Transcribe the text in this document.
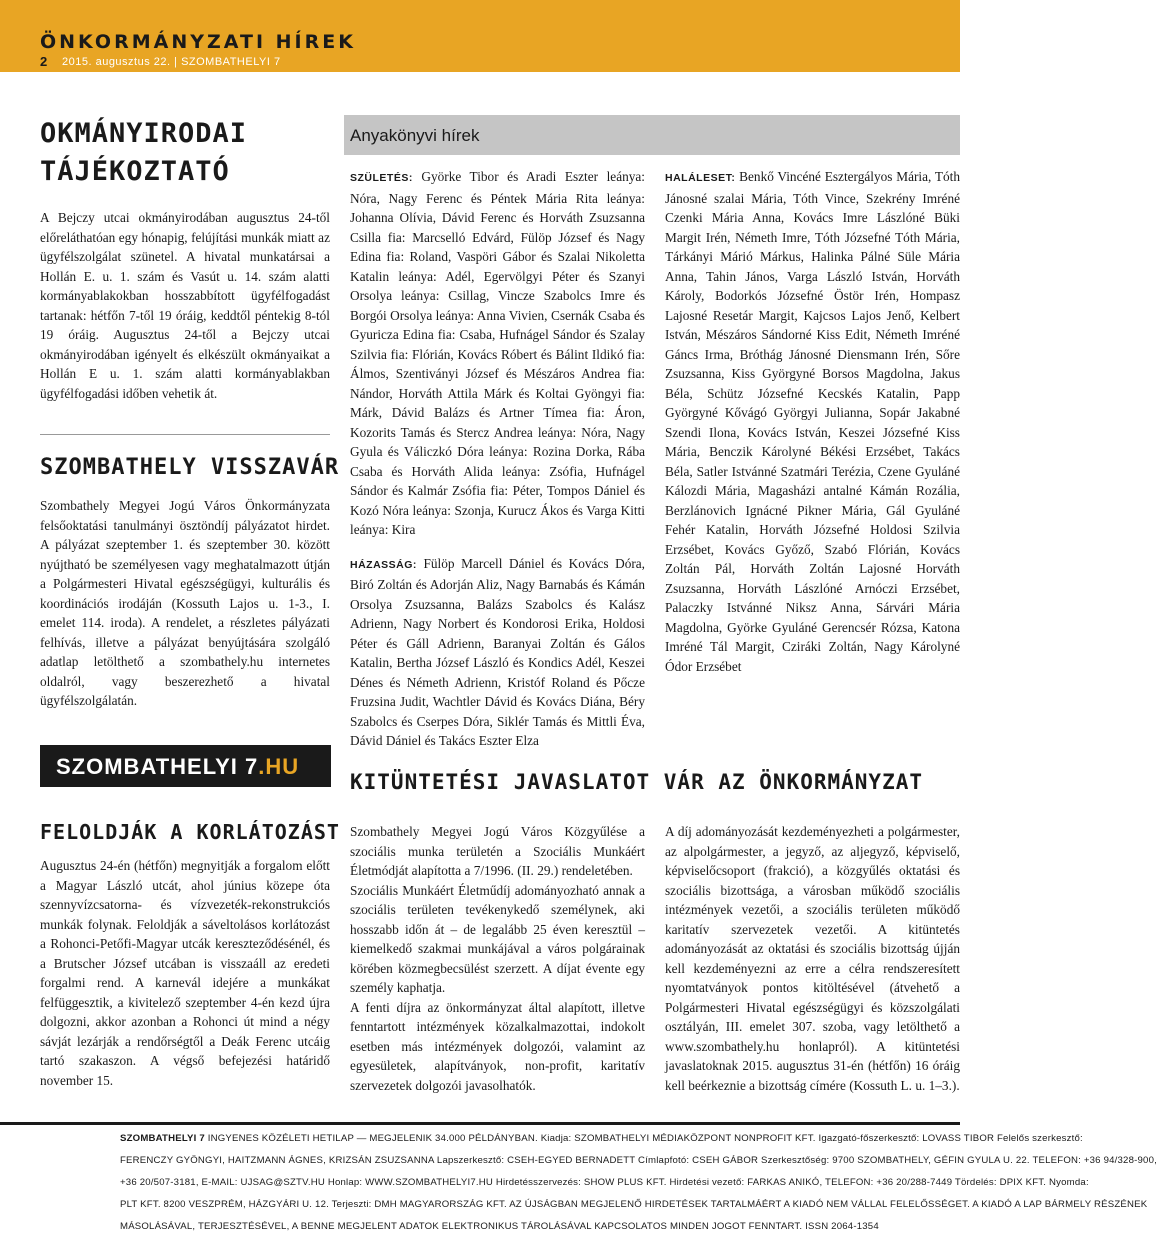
ÖNKORMÁNYZATI HÍREK
2 2015. augusztus 22. | SZOMBATHELYI 7
OKMÁNYIRODAI
TÁJÉKOZTATÓ
A Bejczy utcai okmányirodában augusztus 24-től előreláthatóan egy hónapig, felújítási munkák miatt az ügyfélszolgálat szünetel. A hivatal munkatársai a Hollán E. u. 1. szám és Vasút u. 14. szám alatti kormányablakokban hosszabbított ügyfélfogadást tartanak: hétfőn 7-től 19 óráig, keddtől péntekig 8-tól 19 óráig. Augusztus 24-től a Bejczy utcai okmányirodában igényelt és elkészült okmányaikat a Hollán E u. 1. szám alatti kormányablakban ügyfélfogadási időben vehetik át.
SZOMBATHELY VISSZAVÁR
Szombathely Megyei Jogú Város Önkormányzata felsőoktatási tanulmányi ösztöndíj pályázatot hirdet. A pályázat szeptember 1. és szeptember 30. között nyújtható be személyesen vagy meghatalmazott útján a Polgármesteri Hivatal egészségügyi, kulturális és koordinációs irodáján (Kossuth Lajos u. 1-3., I. emelet 114. iroda). A rendelet, a részletes pályázati felhívás, illetve a pályázat benyújtására szolgáló adatlap letölthető a szombathely.hu internetes oldalról, vagy beszerezhető a hivatal ügyfélszolgálatán.
Anyakönyvi hírek

SZÜLETÉS: Györke Tibor és Aradi Eszter leánya: Nóra, Nagy Ferenc és Péntek Mária Rita leánya: Johanna Olívia, Dávid Ferenc és Horváth Zsuzsanna Csilla fia: Marcselló Edvárd, Fülöp József és Nagy Edina fia: Roland, Vaspöri Gábor és Szalai Nikoletta Katalin leánya: Adél, Egervölgyi Péter és Szanyi Orsolya leánya: Csillag, Vincze Szabolcs Imre és Borgói Orsolya leánya: Anna Vivien, Csernák Csaba és Gyuricza Edina fia: Csaba, Hufnágel Sándor és Szalay Szilvia fia: Flórián, Kovács Róbert és Bálint Ildikó fia: Álmos, Szentiványi József és Mészáros Andrea fia: Nándor, Horváth Attila Márk és Koltai Gyöngyi fia: Márk, Dávid Balázs és Artner Tímea fia: Áron, Kozorits Tamás és Stercz Andrea leánya: Nóra, Nagy Gyula és Váliczkó Dóra leánya: Rozina Dorka, Rába Csaba és Horváth Alida leánya: Zsófia, Hufnágel Sándor és Kalmár Zsófia fia: Péter, Tompos Dániel és Kozó Nóra leánya: Szonja, Kurucz Ákos és Varga Kitti leánya: Kira

HÁZASSÁG: Fülöp Marcell Dániel és Kovács Dóra, Biró Zoltán és Adorján Aliz, Nagy Barnabás és Kámán Orsolya Zsuzsanna, Balázs Szabolcs és Kalász Adrienn, Nagy Norbert és Kondorosi Erika, Holdosi Péter és Gáll Adrienn, Baranyai Zoltán és Gálos Katalin, Bertha József László és Kondics Adél, Keszei Dénes és Németh Adrienn, Kristóf Roland és Pőcze Fruzsina Judit, Wachtler Dávid és Kovács Diána, Béry Szabolcs és Cserpes Dóra, Siklér Tamás és Mittli Éva, Dávid Dániel és Takács Eszter Elza

HALÁLESET: Benkő Vincéné Esztergályos Mária, Tóth Jánosné szalai Mária, Tóth Vince, Szekrény Imréné Czenki Mária Anna, Kovács Imre Lászlóné Büki Margit Irén, Németh Imre, Tóth Józsefné Tóth Mária, Tárkányi Márió Márkus, Halinka Pálné Süle Mária Anna, Tahin János, Varga László István, Horváth Károly, Bodorkós Józsefné Östör Irén, Hompasz Lajosné Resetár Margit, Kajcsos Lajos Jenő, Kelbert István, Mészáros Sándorné Kiss Edit, Németh Imréné Gáncs Irma, Bróthág Jánosné Diensmann Irén, Sőre Zsuzsanna, Kiss Györgyné Borsos Magdolna, Jakus Béla, Schütz Józsefné Kecskés Katalin, Papp Györgyné Kővágó Györgyi Julianna, Sopár Jakabné Szendi Ilona, Kovács István, Keszei Józsefné Kiss Mária, Benczik Károlyné Békési Erzsébet, Takács Béla, Satler Istvánné Szatmári Terézia, Czene Gyuláné Kálozdi Mária, Magasházi antalné Kámán Rozália, Berzlánovich Ignácné Pikner Mária, Gál Gyuláné Fehér Katalin, Horváth Józsefné Holdosi Szilvia Erzsébet, Kovács Győző, Szabó Flórián, Kovács Zoltán Pál, Horváth Zoltán Lajosné Horváth Zsuzsanna, Horváth Lászlóné Arnóczi Erzsébet, Palaczky Istvánné Niksz Anna, Sárvári Mária Magdolna, Györke Gyuláné Gerencsér Rózsa, Katona Imréné Tál Margit, Cziráki Zoltán, Nagy Károlyné Ódor Erzsébet

SZOMBATHELYI 7.HU
FELOLDJÁK A KORLÁTOZÁST
Augusztus 24-én (hétfőn) megnyitják a forgalom előtt a Magyar László utcát, ahol június közepe óta szennyvízcsatorna- és vízvezeték-rekonstrukciós munkák folynak. Feloldják a sáveltolásos korlátozást a Rohonci-Petőfi-Magyar utcák kereszteződésénél, és a Brutscher József utcában is visszaáll az eredeti forgalmi rend. A karnevál idejére a munkákat felfüggesztik, a kivitelező szeptember 4-én kezd újra dolgozni, akkor azonban a Rohonci út mind a négy sávját lezárják a rendőrségtől a Deák Ferenc utcáig tartó szakaszon. A végső befejezési határidő november 15.
KITÜNTETÉSI JAVASLATOT VÁR AZ ÖNKORMÁNYZAT

Szombathely Megyei Jogú Város Közgyűlése a szociális munka területén a Szociális Munkáért Életmódját alapította a 7/1996. (II. 29.) rendeletében.

Szociális Munkáért Életműdíj adományozható annak a szociális területen tevékenykedő személynek, aki hosszabb időn át – de legalább 25 éven keresztül – kiemelkedő szakmai munkájával a város polgárainak körében közmegbecsülést szerzett. A díjat évente egy személy kaphatja.

A fenti díjra az önkormányzat által alapított, illetve fenntartott intézmények közalkalmazottai, indokolt esetben más intézmények dolgozói, valamint az egyesületek, alapítványok, non-profit, karitatív szervezetek dolgozói javasolhatók.

A díj adományozását kezdeményezheti a polgármester, az alpolgármester, a jegyző, az aljegyző, képviselő, képviselőcsoport (frakció), a közgyűlés oktatási és szociális bizottsága, a városban működő szociális intézmények vezetői, a szociális területen működő karitatív szervezetek vezetői. A kitüntetés adományozását az oktatási és szociális bizottság újján kell kezdeményezni az erre a célra rendszeresített nyomtatványok pontos kitöltésével (átvehető a Polgármesteri Hivatal egészségügyi és közszolgálati osztályán, III. emelet 307. szoba, vagy letölthető a www.szombathely.hu honlapról). A kitüntetési javaslatoknak 2015. augusztus 31-én (hétfőn) 16 óráig kell beérkeznie a bizottság címére (Kossuth L. u. 1–3.).

SZOMBATHELYI 7 INGYENES KÖZÉLETI HETILAP — MEGJELENIK 34.000 PÉLDÁNYBAN. Kiadja: SZOMBATHELYI MÉDIAKÖZPONT NONPROFIT KFT. Igazgató-főszerkesztő: LOVASS TIBOR Felelős szerkesztő:
FERENCZY GYÖNGYI, HAITZMANN ÁGNES, KRIZSÁN ZSUZSANNA Lapszerkesztő: CSEH-EGYED BERNADETT Címlapfotó: CSEH GÁBOR Szerkesztőség: 9700 SZOMBATHELY, GÉFIN GYULA U. 22. TELEFON: +36 94/328-900,
+36 20/507-3181, E-MAIL: UJSAG@SZTV.HU Honlap: WWW.SZOMBATHELYI7.HU Hirdetésszervezés: SHOW PLUS KFT. Hirdetési vezető: FARKAS ANIKÓ, TELEFON: +36 20/288-7449 Tördelés: DPIX KFT. Nyomda:
PLT KFT. 8200 VESZPRÉM, HÁZGYÁRI U. 12. Terjeszti: DMH MAGYARORSZÁG KFT. AZ ÚJSÁGBAN MEGJELENŐ HIRDETÉSEK TARTALMÁÉRT A KIADÓ NEM VÁLLAL FELELŐSSÉGET. A KIADÓ A LAP BÁRMELY RÉSZÉNEK
MÁSOLÁSÁVAL, TERJESZTÉSÉVEL, A BENNE MEGJELENT ADATOK ELEKTRONIKUS TÁROLÁSÁVAL KAPCSOLATOS MINDEN JOGOT FENNTART. ISSN 2064-1354
